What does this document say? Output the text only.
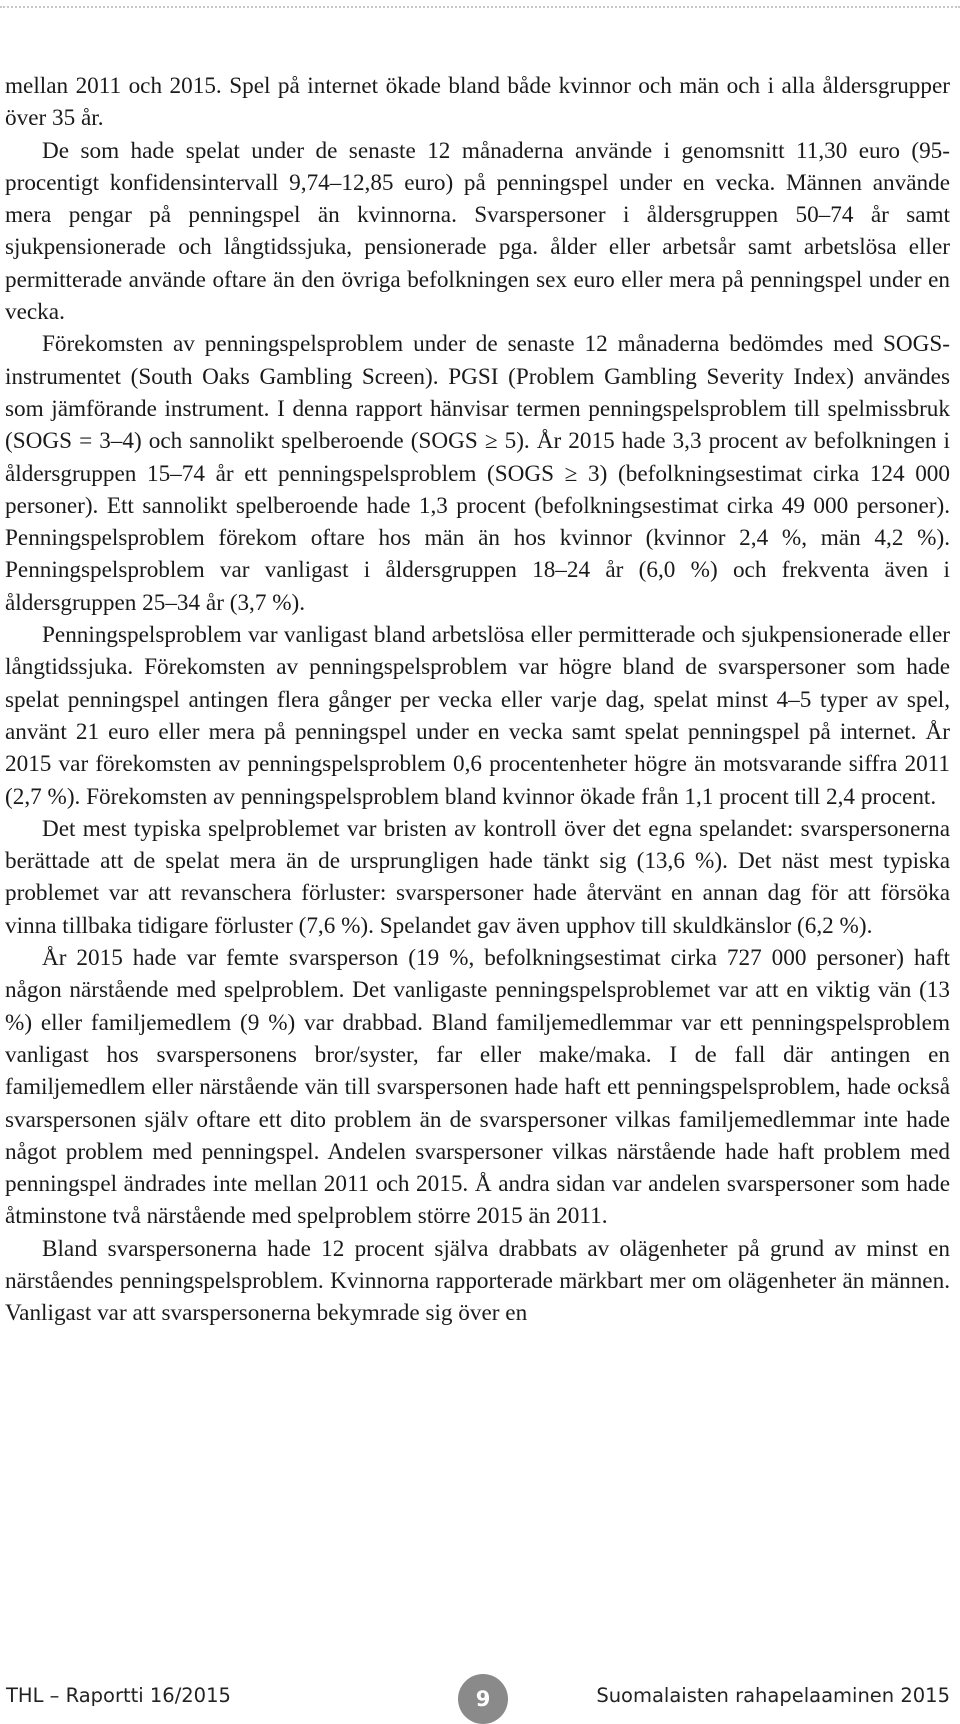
mellan 2011 och 2015. Spel på internet ökade bland både kvinnor och män och i alla åldersgrupper över 35 år.

De som hade spelat under de senaste 12 månaderna använde i genomsnitt 11,30 euro (95-procentigt konfidensintervall 9,74–12,85 euro) på penningspel under en vecka. Männen använde mera pengar på penningspel än kvinnorna. Svarspersoner i åldersgruppen 50–74 år samt sjukpensionerade och långtidssjuka, pensionerade pga. ålder eller arbetsår samt arbetslösa eller permitterade använde oftare än den övriga befolkningen sex euro eller mera på penningspel under en vecka.

Förekomsten av penningspelsproblem under de senaste 12 månaderna bedömdes med SOGS-instrumentet (South Oaks Gambling Screen). PGSI (Problem Gambling Severity Index) användes som jämförande instrument. I denna rapport hänvisar termen penningspelsproblem till spelmissbruk (SOGS = 3–4) och sannolikt spelberoende (SOGS ≥ 5). År 2015 hade 3,3 procent av befolkningen i åldersgruppen 15–74 år ett penningspelsproblem (SOGS ≥ 3) (befolkningsestimat cirka 124 000 personer). Ett sannolikt spelberoende hade 1,3 procent (befolkningsestimat cirka 49 000 personer). Penningspelsproblem förekom oftare hos män än hos kvinnor (kvinnor 2,4 %, män 4,2 %). Penningspelsproblem var vanligast i åldersgruppen 18–24 år (6,0 %) och frekventa även i åldersgruppen 25–34 år (3,7 %).

Penningspelsproblem var vanligast bland arbetslösa eller permitterade och sjukpensionerade eller långtidssjuka. Förekomsten av penningspelsproblem var högre bland de svarspersoner som hade spelat penningspel antingen flera gånger per vecka eller varje dag, spelat minst 4–5 typer av spel, använt 21 euro eller mera på penningspel under en vecka samt spelat penningspel på internet. År 2015 var förekomsten av penningspelsproblem 0,6 procentenheter högre än motsvarande siffra 2011 (2,7 %). Förekomsten av penningspelsproblem bland kvinnor ökade från 1,1 procent till 2,4 procent.

Det mest typiska spelproblemet var bristen av kontroll över det egna spelandet: svarspersonerna berättade att de spelat mera än de ursprungligen hade tänkt sig (13,6 %). Det näst mest typiska problemet var att revanschera förluster: svarspersoner hade återvänt en annan dag för att försöka vinna tillbaka tidigare förluster (7,6 %). Spelandet gav även upphov till skuldkänslor (6,2 %).

År 2015 hade var femte svarsperson (19 %, befolkningsestimat cirka 727 000 personer) haft någon närstående med spelproblem. Det vanligaste penningspelsproblemet var att en viktig vän (13 %) eller familjemedlem (9 %) var drabbad. Bland familjemedlemmar var ett penningspelsproblem vanligast hos svarspersonens bror/syster, far eller make/maka. I de fall där antingen en familjemedlem eller närstående vän till svarspersonen hade haft ett penningspelsproblem, hade också svarspersonen själv oftare ett dito problem än de svarspersoner vilkas familjemedlemmar inte hade något problem med penningspel. Andelen svarspersoner vilkas närstående hade haft problem med penningspel ändrades inte mellan 2011 och 2015. Å andra sidan var andelen svarspersoner som hade åtminstone två närstående med spelproblem större 2015 än 2011.

Bland svarspersonerna hade 12 procent själva drabbats av olägenheter på grund av minst en närståendes penningspelsproblem. Kvinnorna rapporterade märkbart mer om olägenheter än männen. Vanligast var att svarspersonerna bekymrade sig över en

THL – Raportti 16/2015	9	Suomalaisten rahapelaaminen 2015
